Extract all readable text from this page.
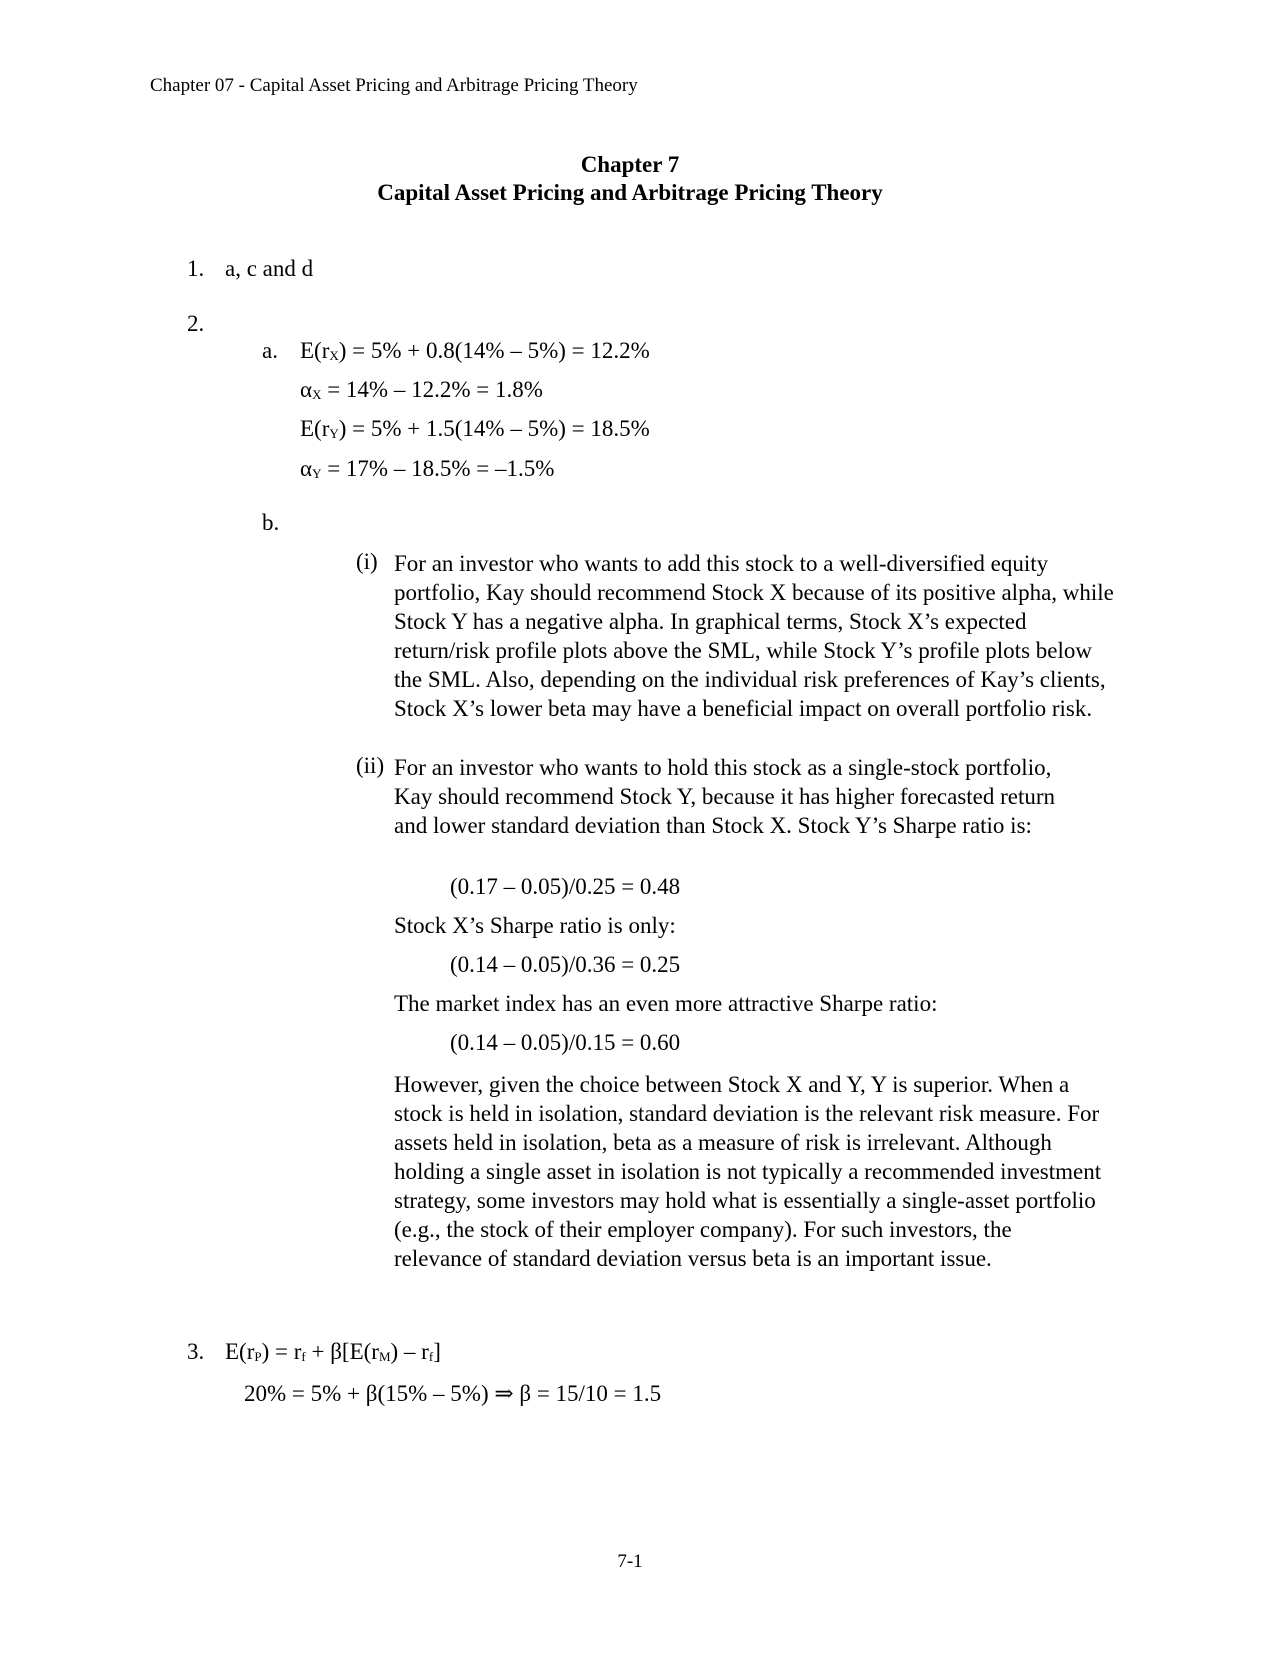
Chapter 07 - Capital Asset Pricing and Arbitrage Pricing Theory
Chapter 7
Capital Asset Pricing and Arbitrage Pricing Theory
1. a, c and d
2.
a. $E(r_X) = 5\% + 0.8(14\% - 5\%) = 12.2\%$
$\alpha_X = 14\% - 12.2\% = 1.8\%$
$E(r_Y) = 5\% + 1.5(14\% - 5\%) = 18.5\%$
$\alpha_Y = 17\% - 18.5\% = -1.5\%$
b.
(i) For an investor who wants to add this stock to a well-diversified equity portfolio, Kay should recommend Stock X because of its positive alpha, while Stock Y has a negative alpha. In graphical terms, Stock X’s expected return/risk profile plots above the SML, while Stock Y’s profile plots below the SML. Also, depending on the individual risk preferences of Kay’s clients, Stock X’s lower beta may have a beneficial impact on overall portfolio risk.

(ii) For an investor who wants to hold this stock as a single-stock portfolio, Kay should recommend Stock Y, because it has higher forecasted return and lower standard deviation than Stock X. Stock Y’s Sharpe ratio is:

(0.17 – 0.05)/0.25 = 0.48
Stock X’s Sharpe ratio is only:
(0.14 – 0.05)/0.36 = 0.25
The market index has an even more attractive Sharpe ratio:
(0.14 – 0.05)/0.15 = 0.60

However, given the choice between Stock X and Y, Y is superior. When a stock is held in isolation, standard deviation is the relevant risk measure. For assets held in isolation, beta as a measure of risk is irrelevant. Although holding a single asset in isolation is not typically a recommended investment strategy, some investors may hold what is essentially a single-asset portfolio (e.g., the stock of their employer company). For such investors, the relevance of standard deviation versus beta is an important issue.

3. $E(r_P) = r_f + \beta[E(r_M) - r_f]$
20% = 5% + β(15% – 5%) ⇒ β = 15/10 = 1.5
7-1
